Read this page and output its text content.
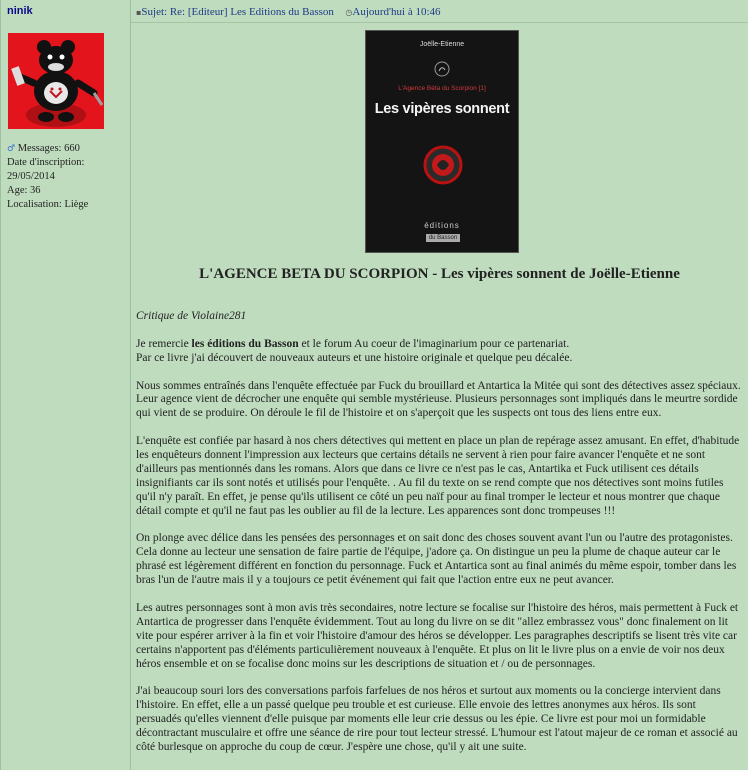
ninik
♂ Messages: 660
Date d'inscription: 29/05/2014
Age: 36
Localisation: Liège
▪Sujet: Re: [Editeur] Les Editions du Basson ◷Aujourd'hui à 10:46
Joëlle-Etienne
L'Agence Béta du Scorpion [1]
Les vipères sonnent
éditions
du Basson
L'AGENCE BETA DU SCORPION - Les vipères sonnent de Joëlle-Etienne

Critique de Violaine281

Je remercie les éditions du Basson et le forum Au coeur de l'imaginarium pour ce partenariat.
Par ce livre j'ai découvert de nouveaux auteurs et une histoire originale et quelque peu décalée.

Nous sommes entraînés dans l'enquête effectuée par Fuck du brouillard et Antartica la Mitée qui sont des détectives assez spéciaux. Leur agence vient de décrocher une enquête qui semble mystérieuse. Plusieurs personnages sont impliqués dans le meurtre sordide qui vient de se produire. On déroule le fil de l'histoire et on s'aperçoit que les suspects ont tous des liens entre eux.

L'enquête est confiée par hasard à nos chers détectives qui mettent en place un plan de repérage assez amusant. En effet, d'habitude les enquêteurs donnent l'impression aux lecteurs que certains détails ne servent à rien pour faire avancer l'enquête et ne sont d'ailleurs pas mentionnés dans les romans. Alors que dans ce livre ce n'est pas le cas, Antartika et Fuck utilisent ces détails insignifiants car ils sont notés et utilisés pour l'enquête. . Au fil du texte on se rend compte que nos détectives sont moins futiles qu'il n'y paraît. En effet, je pense qu'ils utilisent ce côté un peu naïf pour au final tromper le lecteur et nous montrer que chaque détail compte et qu'il ne faut pas les oublier au fil de la lecture. Les apparences sont donc trompeuses !!!

On plonge avec délice dans les pensées des personnages et on sait donc des choses souvent avant l'un ou l'autre des protagonistes. Cela donne au lecteur une sensation de faire partie de l'équipe, j'adore ça. On distingue un peu la plume de chaque auteur car le phrasé est légèrement différent en fonction du personnage. Fuck et Antartica sont au final animés du même espoir, tomber dans les bras l'un de l'autre mais il y a toujours ce petit événement qui fait que l'action entre eux ne peut avancer.

Les autres personnages sont à mon avis très secondaires, notre lecture se focalise sur l'histoire des héros, mais permettent à Fuck et Antartica de progresser dans l'enquête évidemment. Tout au long du livre on se dit "allez embrassez vous" donc finalement on lit vite pour espérer arriver à la fin et voir l'histoire d'amour des héros se développer. Les paragraphes descriptifs se lisent très vite car certains n'apportent pas d'éléments particulièrement nouveaux à l'enquête. Et plus on lit le livre plus on a envie de voir nos deux héros ensemble et on se focalise donc moins sur les descriptions de situation et / ou de personnages.

J'ai beaucoup souri lors des conversations parfois farfelues de nos héros et surtout aux moments ou la concierge intervient dans l'histoire. En effet, elle a un passé quelque peu trouble et est curieuse. Elle envoie des lettres anonymes aux héros. Ils sont persuadés qu'elles viennent d'elle puisque par moments elle leur crie dessus ou les épie. Ce livre est pour moi un formidable décontractant musculaire et offre une séance de rire pour tout lecteur stressé. L'humour est l'atout majeur de ce roman et associé au côté burlesque on approche du coup de cœur. J'espère une chose, qu'il y ait une suite.
